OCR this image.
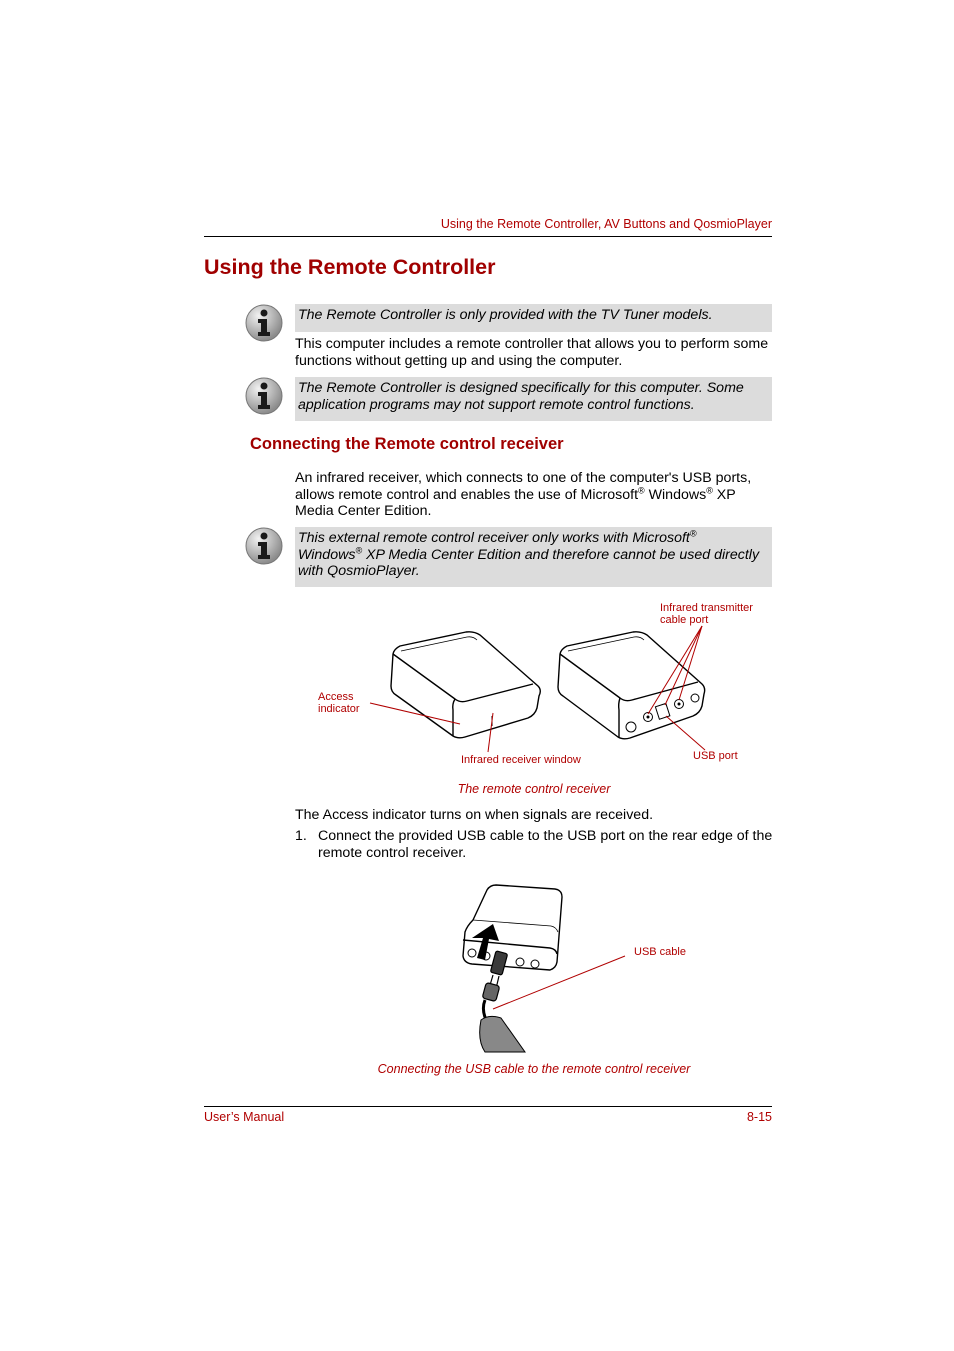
Using the Remote Controller, AV Buttons and QosmioPlayer
Using the Remote Controller
The Remote Controller is only provided with the TV Tuner models.
This computer includes a remote controller that allows you to perform some functions without getting up and using the computer.
The Remote Controller is designed specifically for this computer. Some application programs may not support remote control functions.
Connecting the Remote control receiver
An infrared receiver, which connects to one of the computer's USB ports, allows remote control and enables the use of Microsoft® Windows® XP Media Center Edition.
This external remote control receiver only works with Microsoft®
Windows® XP Media Center Edition and therefore cannot be used directly with QosmioPlayer.
Infrared transmitter
cable port
Access
indicator
Infrared receiver window	USB port
The remote control receiver
The Access indicator turns on when signals are received.
1. Connect the provided USB cable to the USB port on the rear edge of the remote control receiver.
USB cable
Connecting the USB cable to the remote control receiver
User’s Manual	8-15
